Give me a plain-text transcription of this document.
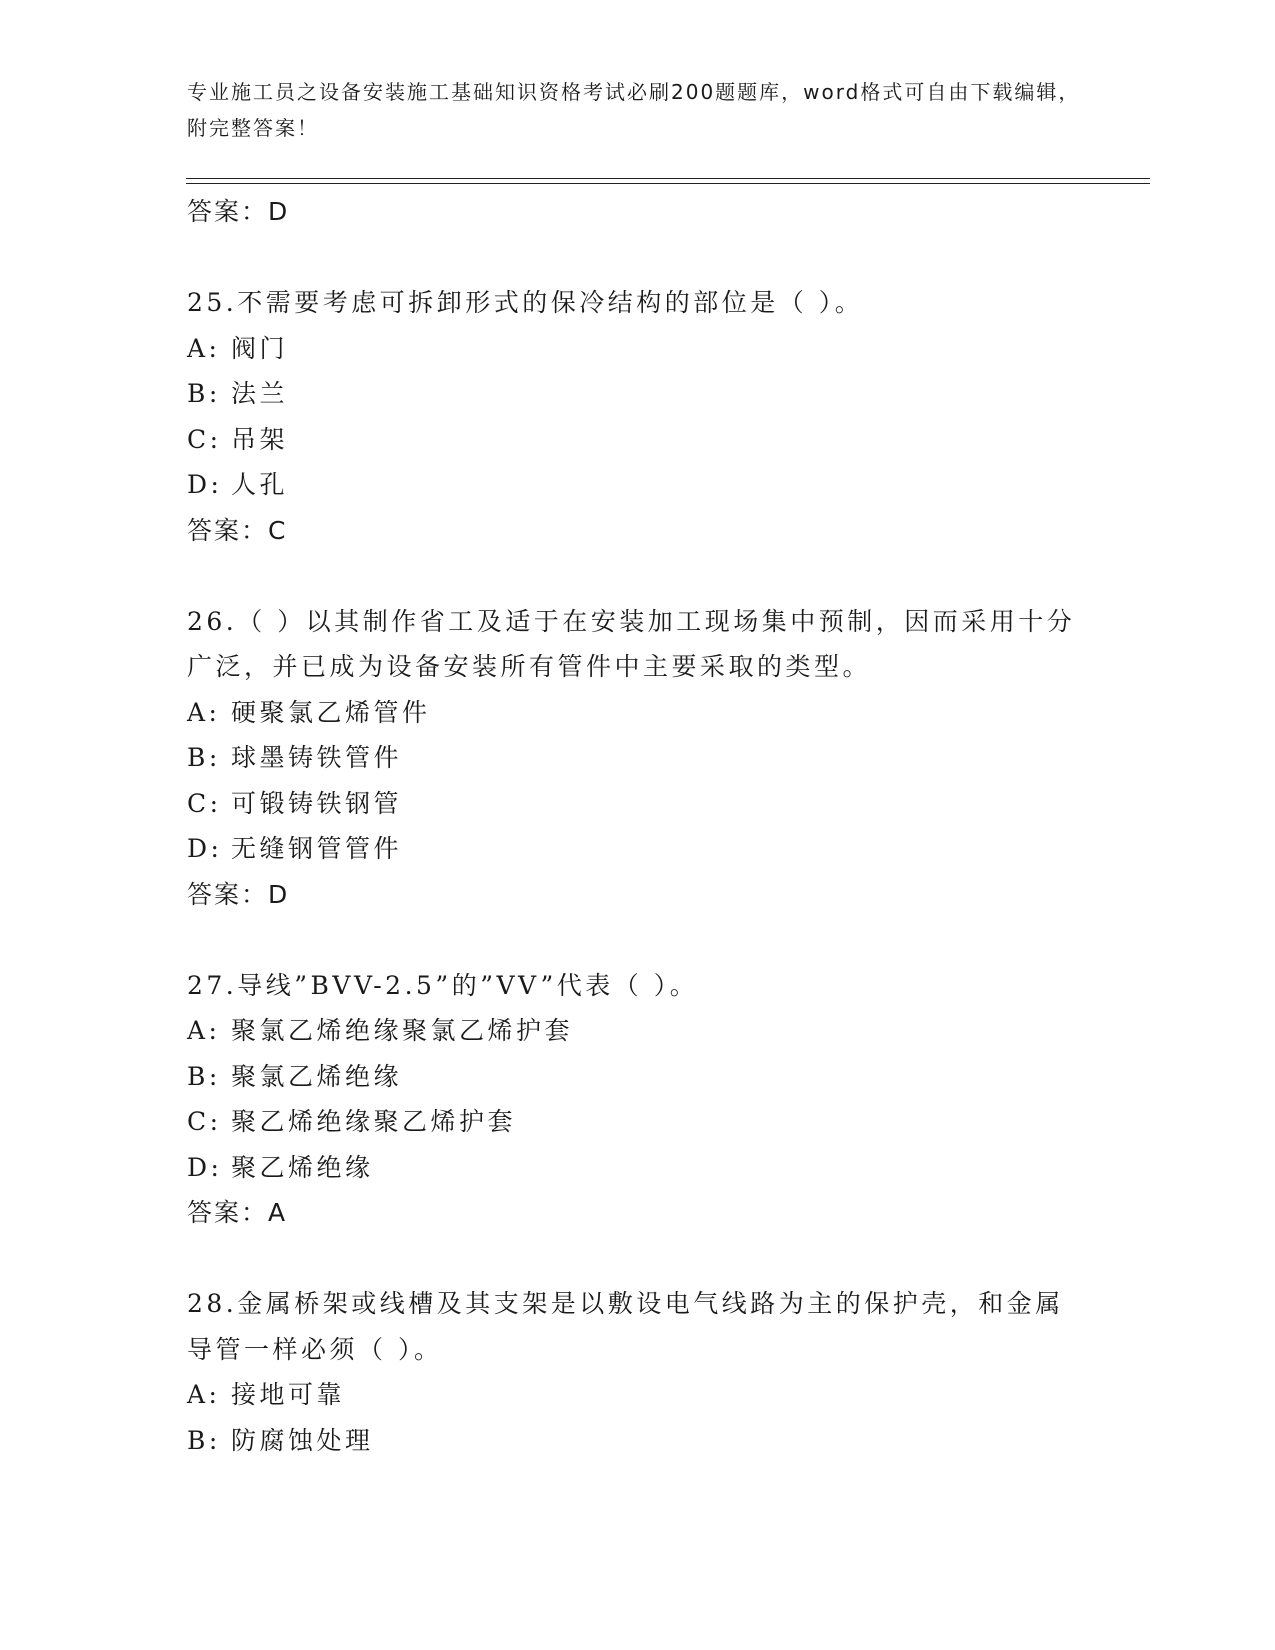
专业施工员之设备安装施工基础知识资格考试必刷200题题库，word格式可自由下载编辑，附完整答案！
答案：D
25.不需要考虑可拆卸形式的保冷结构的部位是（ ）。
A: 阀门
B: 法兰
C: 吊架
D: 人孔
答案：C
26.（ ）以其制作省工及适于在安装加工现场集中预制，因而采用十分广泛，并已成为设备安装所有管件中主要采取的类型。
A: 硬聚氯乙烯管件
B: 球墨铸铁管件
C: 可锻铸铁钢管
D: 无缝钢管管件
答案：D
27.导线”BVV-2.5”的”VV”代表（ ）。
A: 聚氯乙烯绝缘聚氯乙烯护套
B: 聚氯乙烯绝缘
C: 聚乙烯绝缘聚乙烯护套
D: 聚乙烯绝缘
答案：A
28.金属桥架或线槽及其支架是以敷设电气线路为主的保护壳，和金属导管一样必须（ ）。
A: 接地可靠
B: 防腐蚀处理
